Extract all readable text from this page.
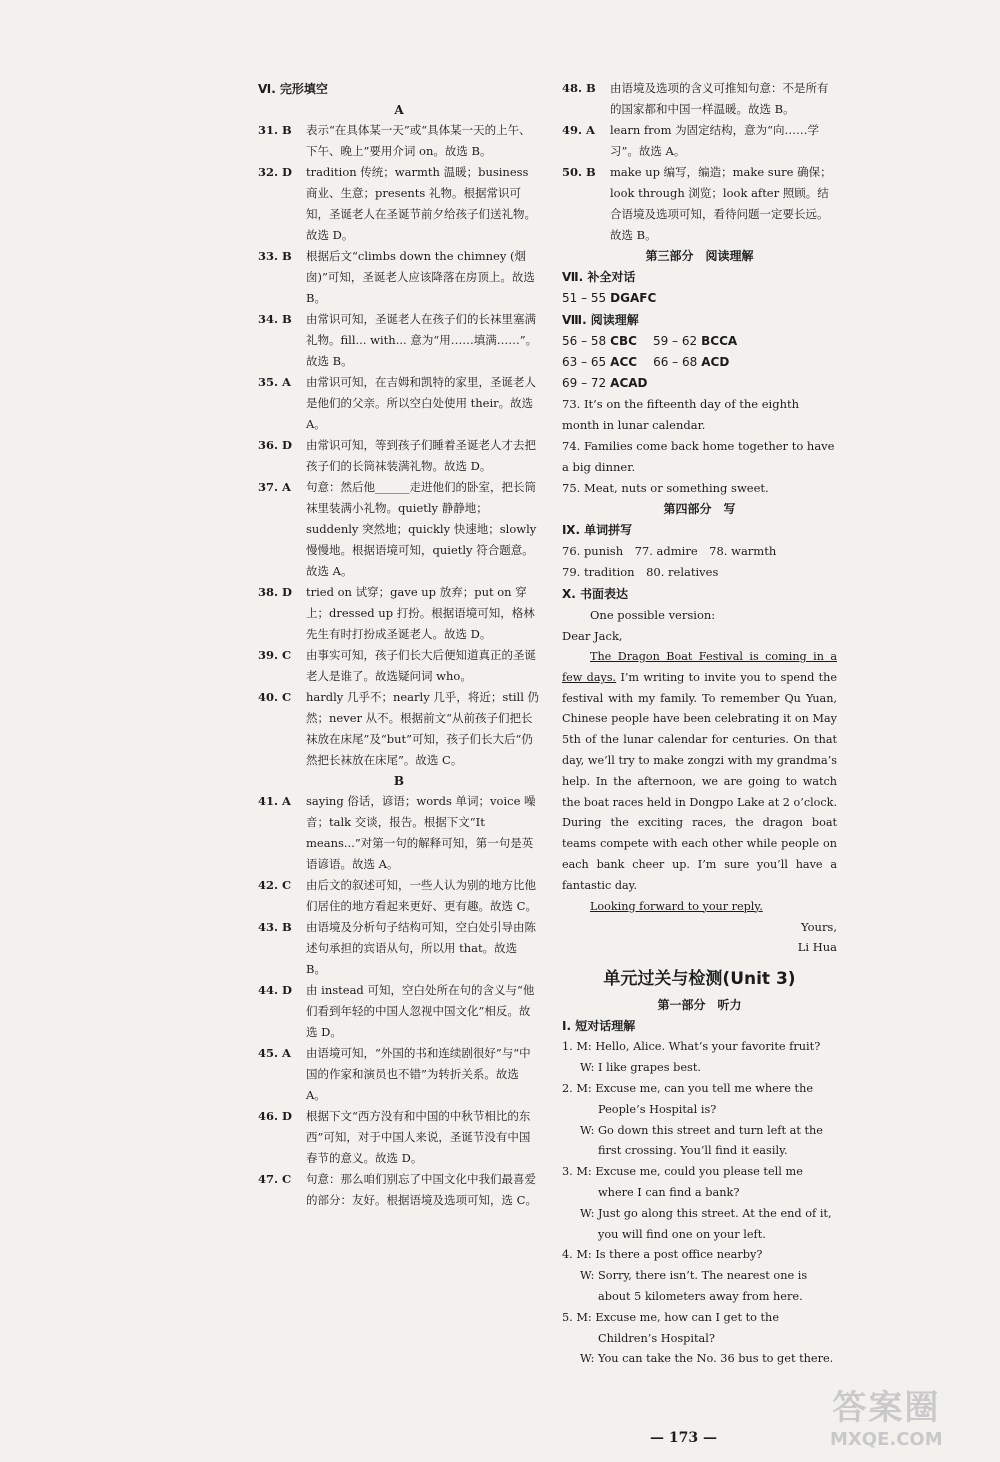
Ⅵ. 完形填空
A
31. B	表示“在具体某一天”或“具体某一天的上午、下午、晚上”要用介词 on。故选 B。
32. D	tradition 传统；warmth 温暖；business 商业、生意；presents 礼物。根据常识可知，圣诞老人在圣诞节前夕给孩子们送礼物。故选 D。
33. B	根据后文“climbs down the chimney (烟囱)”可知，圣诞老人应该降落在房顶上。故选 B。
34. B	由常识可知，圣诞老人在孩子们的长袜里塞满礼物。fill... with... 意为“用……填满……”。故选 B。
35. A	由常识可知，在吉姆和凯特的家里，圣诞老人是他们的父亲。所以空白处使用 their。故选 A。
36. D	由常识可知，等到孩子们睡着圣诞老人才去把孩子们的长筒袜装满礼物。故选 D。
37. A	句意：然后他______走进他们的卧室，把长筒袜里装满小礼物。quietly 静静地；suddenly 突然地；quickly 快速地；slowly 慢慢地。根据语境可知，quietly 符合题意。故选 A。
38. D	tried on 试穿；gave up 放弃；put on 穿上；dressed up 打扮。根据语境可知，格林先生有时打扮成圣诞老人。故选 D。
39. C	由事实可知，孩子们长大后便知道真正的圣诞老人是谁了。故选疑问词 who。
40. C	hardly 几乎不；nearly 几乎，将近；still 仍然；never 从不。根据前文“从前孩子们把长袜放在床尾”及“but”可知，孩子们长大后“仍然把长袜放在床尾”。故选 C。
B
41. A	saying 俗话，谚语；words 单词；voice 噪音；talk 交谈，报告。根据下文“It means...”对第一句的解释可知，第一句是英语谚语。故选 A。
42. C	由后文的叙述可知，一些人认为别的地方比他们居住的地方看起来更好、更有趣。故选 C。
43. B	由语境及分析句子结构可知，空白处引导由陈述句承担的宾语从句，所以用 that。故选 B。
44. D	由 instead 可知，空白处所在句的含义与“他们看到年轻的中国人忽视中国文化”相反。故选 D。
45. A	由语境可知，“外国的书和连续剧很好”与“中国的作家和演员也不错”为转折关系。故选 A。
46. D	根据下文“西方没有和中国的中秋节相比的东西”可知，对于中国人来说，圣诞节没有中国春节的意义。故选 D。
47. C	句意：那么咱们别忘了中国文化中我们最喜爱的部分：友好。根据语境及选项可知，选 C。
48. B	由语境及选项的含义可推知句意：不是所有的国家都和中国一样温暖。故选 B。
49. A	learn from 为固定结构，意为“向……学习”。故选 A。
50. B	make up 编写，编造；make sure 确保；look through 浏览；look after 照顾。结合语境及选项可知，看待问题一定要长远。故选 B。
第三部分　阅读理解
Ⅶ. 补全对话
51 – 55 DGAFC
Ⅷ. 阅读理解
56 – 58 CBC  59 – 62 BCCA
63 – 65 ACC  66 – 68 ACD
69 – 72 ACAD
73. It’s on the fifteenth day of the eighth month in lunar calendar.
74. Families come back home together to have a big dinner.
75. Meat, nuts or something sweet.
第四部分　写
Ⅸ. 单词拼写
76. punish　77. admire　78. warmth
79. tradition　80. relatives
Ⅹ. 书面表达
One possible version:
Dear Jack,
The Dragon Boat Festival is coming in a few days. I’m writing to invite you to spend the festival with my family. To remember Qu Yuan, Chinese people have been celebrating it on May 5th of the lunar calendar for centuries. On that day, we’ll try to make zongzi with my grandma’s help. In the afternoon, we are going to watch the boat races held in Dongpo Lake at 2 o’clock. During the exciting races, the dragon boat teams compete with each other while people on each bank cheer up. I’m sure you’ll have a fantastic day.
Looking forward to your reply.
Yours,
Li Hua
单元过关与检测(Unit 3)
第一部分　听力
Ⅰ. 短对话理解
1. M: Hello, Alice. What’s your favorite fruit?
W: I like grapes best.
2. M: Excuse me, can you tell me where the People’s Hospital is?
W: Go down this street and turn left at the first crossing. You’ll find it easily.
3. M: Excuse me, could you please tell me where I can find a bank?
W: Just go along this street. At the end of it, you will find one on your left.
4. M: Is there a post office nearby?
W: Sorry, there isn’t. The nearest one is about 5 kilometers away from here.
5. M: Excuse me, how can I get to the Children’s Hospital?
W: You can take the No. 36 bus to get there.
— 173 —
答案圈
MXQE.COM
